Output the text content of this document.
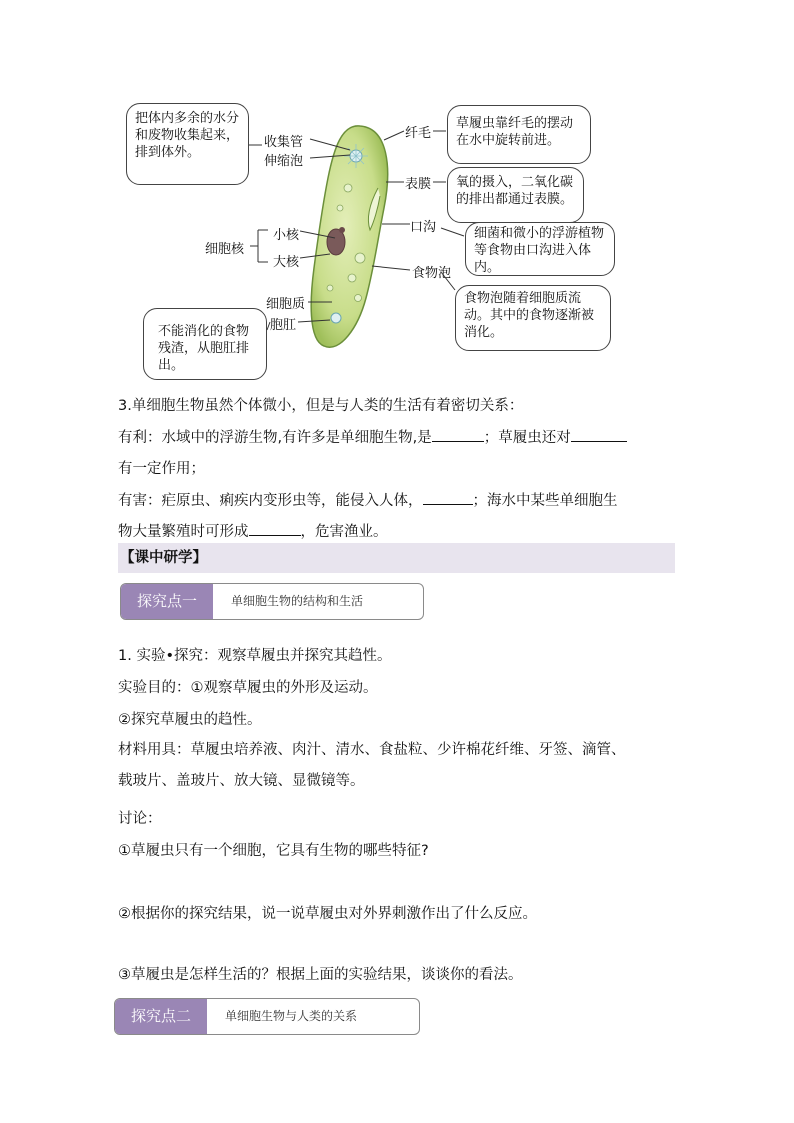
把体内多余的水分和废物收集起来，排到体外。
草履虫靠纤毛的摆动在水中旋转前进。
氧的摄入，二氧化碳的排出都通过表膜。
细菌和微小的浮游植物等食物由口沟进入体内。
食物泡随着细胞质流动。其中的食物逐渐被消化。
不能消化的食物残渣，从胞肛排出。
收集管
伸缩泡
纤毛
表膜
口沟
细胞核
小核
大核
食物泡
细胞质
胞肛
3.单细胞生物虽然个体微小，但是与人类的生活有着密切关系：
有利：水域中的浮游生物,有许多是单细胞生物,是	；草履虫还对
有一定作用；
有害：疟原虫、痢疾内变形虫等，能侵入人体，	；海水中某些单细胞生
物大量繁殖时可形成	，危害渔业。
【课中研学】
探究点一	单细胞生物的结构和生活
1. 实验•探究：观察草履虫并探究其趋性。
实验目的：①观察草履虫的外形及运动。
②探究草履虫的趋性。
材料用具：草履虫培养液、肉汁、清水、食盐粒、少许棉花纤维、牙签、滴管、
载玻片、盖玻片、放大镜、显微镜等。
讨论：
①草履虫只有一个细胞，它具有生物的哪些特征?
②根据你的探究结果，说一说草履虫对外界刺激作出了什么反应。
③草履虫是怎样生活的？根据上面的实验结果，谈谈你的看法。
探究点二	单细胞生物与人类的关系
